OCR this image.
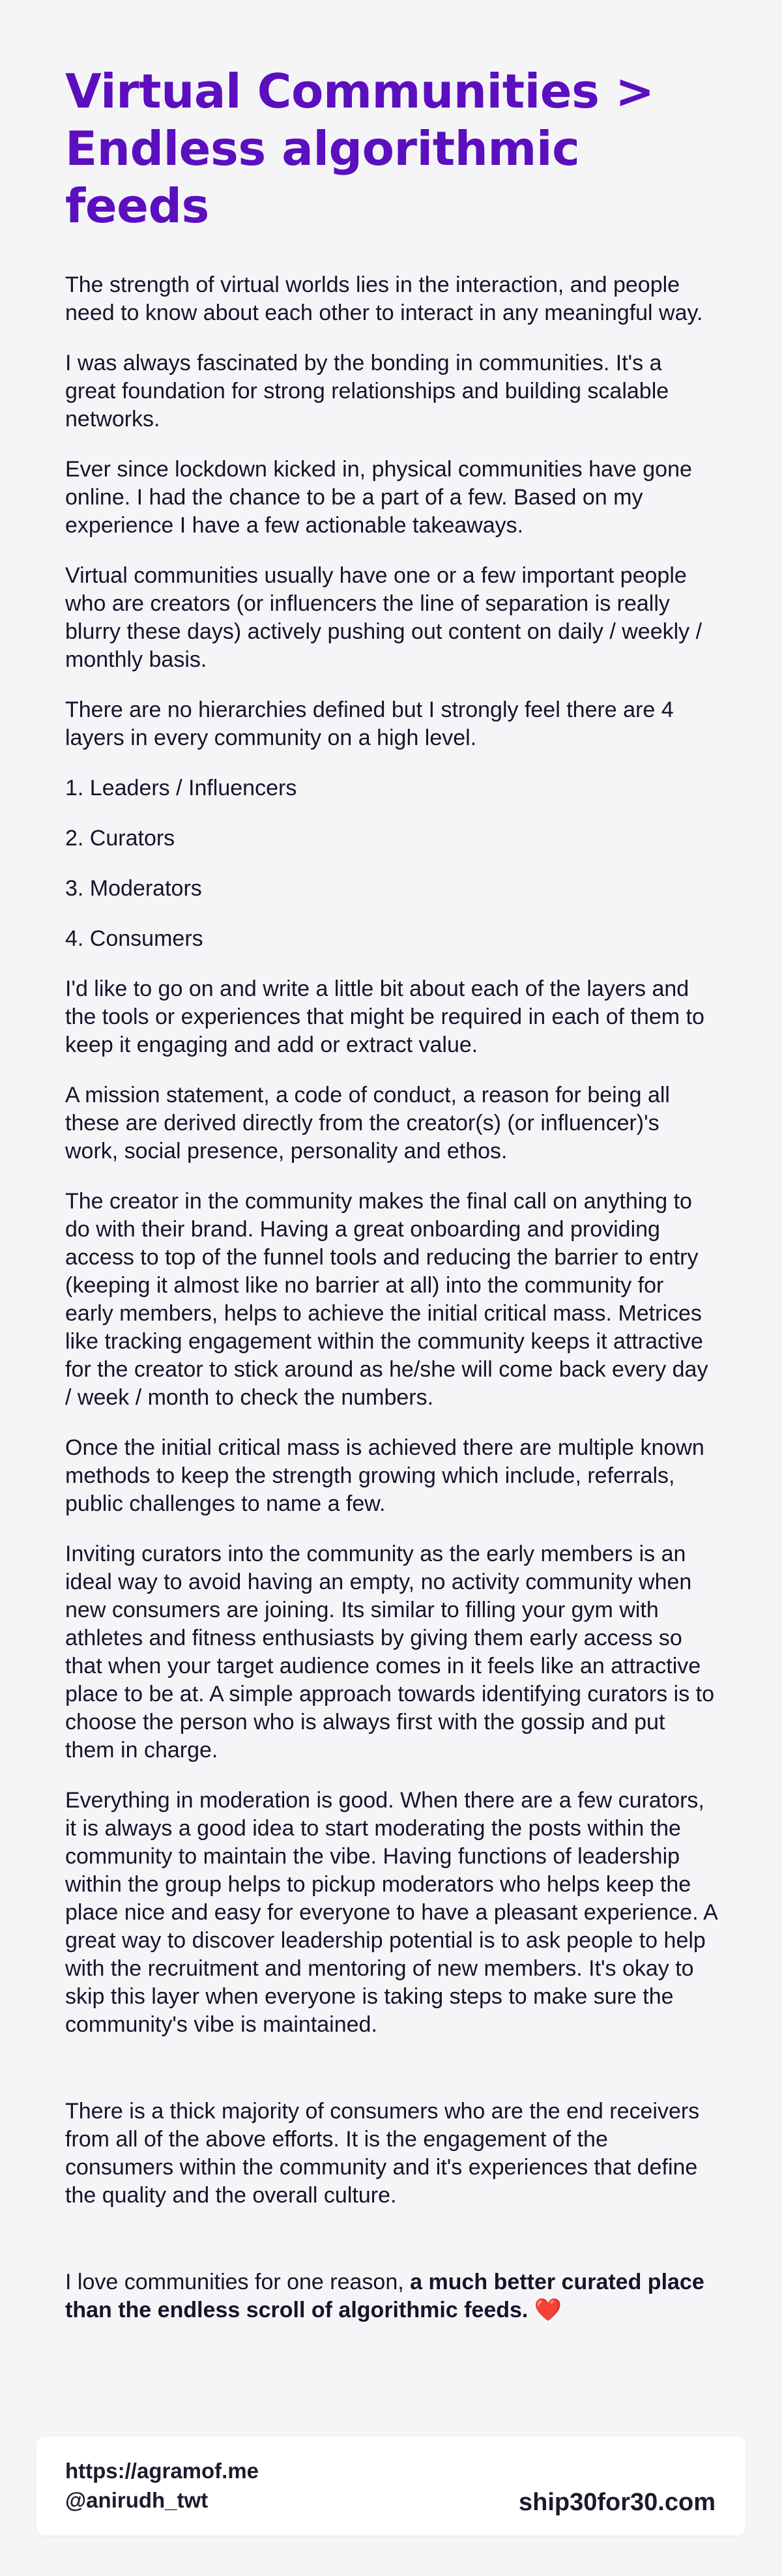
Virtual Communities > Endless algorithmic feeds

The strength of virtual worlds lies in the interaction, and people need to know about each other to interact in any meaningful way.

I was always fascinated by the bonding in communities. It's a great foundation for strong relationships and building scalable networks.

Ever since lockdown kicked in, physical communities have gone online. I had the chance to be a part of a few. Based on my experience I have a few actionable takeaways.

Virtual communities usually have one or a few important people who are creators (or influencers the line of separation is really blurry these days) actively pushing out content on daily / weekly / monthly basis.

There are no hierarchies defined but I strongly feel there are 4 layers in every community on a high level.

1. Leaders / Influencers

2. Curators

3. Moderators

4. Consumers

I'd like to go on and write a little bit about each of the layers and the tools or experiences that might be required in each of them to keep it engaging and add or extract value.

A mission statement, a code of conduct, a reason for being all these are derived directly from the creator(s) (or influencer)'s work, social presence, personality and ethos.

The creator in the community makes the final call on anything to do with their brand. Having a great onboarding and providing access to top of the funnel tools and reducing the barrier to entry (keeping it almost like no barrier at all) into the community for early members, helps to achieve the initial critical mass. Metrices like tracking engagement within the community keeps it attractive for the creator to stick around as he/she will come back every day / week / month to check the numbers.

Once the initial critical mass is achieved there are multiple known methods to keep the strength growing which include, referrals, public challenges to name a few.

Inviting curators into the community as the early members is an ideal way to avoid having an empty, no activity community when new consumers are joining. Its similar to filling your gym with athletes and fitness enthusiasts by giving them early access so that when your target audience comes in it feels like an attractive place to be at. A simple approach towards identifying curators is to choose the person who is always first with the gossip and put them in charge.

Everything in moderation is good. When there are a few curators, it is always a good idea to start moderating the posts within the community to maintain the vibe. Having functions of leadership within the group helps to pickup moderators who helps keep the place nice and easy for everyone to have a pleasant experience. A great way to discover leadership potential is to ask people to help with the recruitment and mentoring of new members. It's okay to skip this layer when everyone is taking steps to make sure the community's vibe is maintained.

There is a thick majority of consumers who are the end receivers from all of the above efforts. It is the engagement of the consumers within the community and it's experiences that define the quality and the overall culture.

I love communities for one reason, a much better curated place than the endless scroll of algorithmic feeds. ❤️

https://agramof.me
@anirudh_twt	ship30for30.com
